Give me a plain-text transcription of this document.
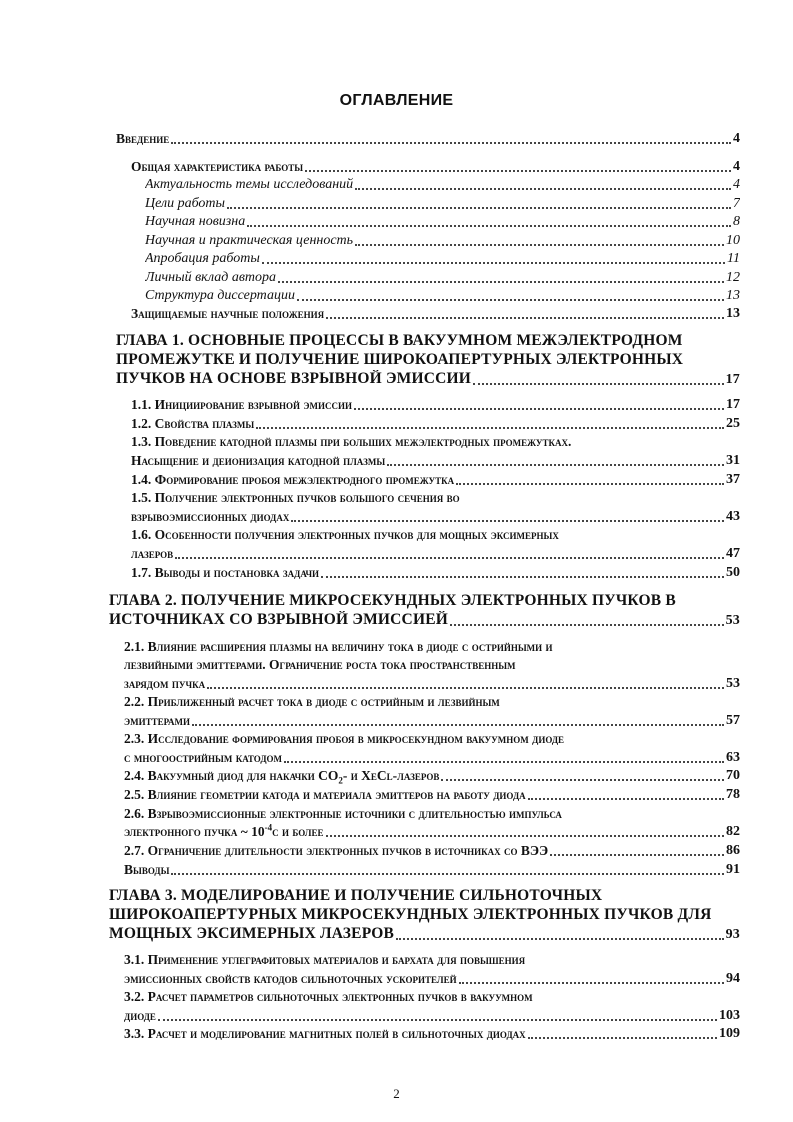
ОГЛАВЛЕНИЕ
Введение	4
Общая характеристика работы	4
Актуальность темы исследований	4
Цели работы	7
Научная новизна	8
Научная и практическая ценность	10
Апробация работы	11
Личный вклад автора	12
Структура диссертации	13
Защищаемые научные положения	13
ГЛАВА 1. ОСНОВНЫЕ ПРОЦЕССЫ В ВАКУУМНОМ МЕЖЭЛЕКТРОДНОМ
ПРОМЕЖУТКЕ И ПОЛУЧЕНИЕ ШИРОКОАПЕРТУРНЫХ ЭЛЕКТРОННЫХ
ПУЧКОВ НА ОСНОВЕ ВЗРЫВНОЙ ЭМИССИИ	17
1.1. Инициирование взрывной эмиссии	17
1.2. Свойства плазмы	25
1.3. Поведение катодной плазмы при больших межэлектродных промежутках.
Насыщение и деионизация катодной плазмы	31
1.4. Формирование пробоя межэлектродного промежутка	37
1.5. Получение электронных пучков большого сечения во
взрывоэмиссионных диодах	43
1.6. Особенности получения электронных пучков для мощных эксимерных
лазеров	47
1.7. Выводы и постановка задачи	50
ГЛАВА 2. ПОЛУЧЕНИЕ МИКРОСЕКУНДНЫХ ЭЛЕКТРОННЫХ ПУЧКОВ В
ИСТОЧНИКАХ СО ВЗРЫВНОЙ ЭМИССИЕЙ	53
2.1. Влияние расширения плазмы на величину тока в диоде с острийными и
лезвийными эмиттерами. Ограничение роста тока пространственным
зарядом пучка	53
2.2. Приближенный расчет тока в диоде с острийным и лезвийным
эмиттерами	57
2.3. Исследование формирования пробоя в микросекундном вакуумном диоде
с многоострийным катодом	63
2.4. Вакуумный диод для накачки $CO_2-$ и XeCl-лазеров	70
2.5. Влияние геометрии катода и материала эмиттеров на работу диода	78
2.6. Взрывоэмиссионные электронные источники с длительностью импульса
электронного пучка ~ $10^{-4}с$ и более	82
2.7. Ограничение длительности электронных пучков в источниках со ВЭЭ	86
Выводы	91
ГЛАВА 3. МОДЕЛИРОВАНИЕ И ПОЛУЧЕНИЕ СИЛЬНОТОЧНЫХ
ШИРОКОАПЕРТУРНЫХ МИКРОСЕКУНДНЫХ ЭЛЕКТРОННЫХ ПУЧКОВ ДЛЯ
МОЩНЫХ ЭКСИМЕРНЫХ ЛАЗЕРОВ	93
3.1. Применение углеграфитовых материалов и бархата для повышения
эмиссионных свойств катодов сильноточных ускорителей	94
3.2. Расчет параметров сильноточных электронных пучков в вакуумном
диоде	103
3.3. Расчет и моделирование магнитных полей в сильноточных диодах	109
2
